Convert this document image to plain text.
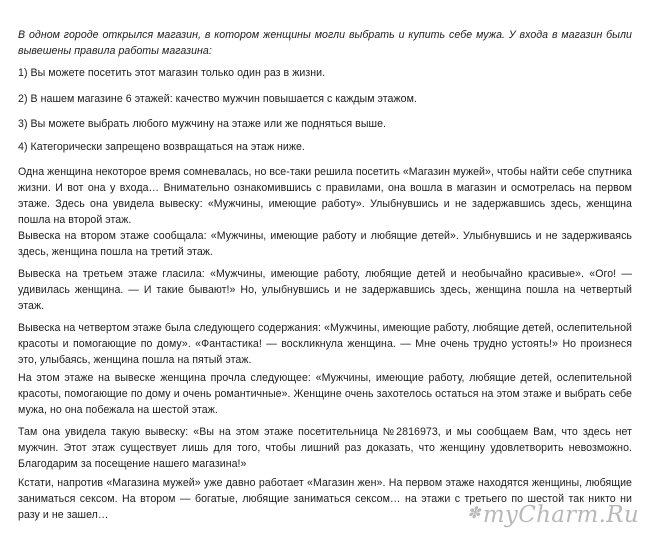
В одном городе открылся магазин, в котором женщины могли выбрать и купить себе мужа. У входа в магазин были вывешены правила работы магазина:

1) Вы можете посетить этот магазин только один раз в жизни.

2) В нашем магазине 6 этажей: качество мужчин повышается с каждым этажом.

3) Вы можете выбрать любого мужчину на этаже или же подняться выше.

4) Категорически запрещено возвращаться на этаж ниже.

Одна женщина некоторое время сомневалась, но все-таки решила посетить «Магазин мужей», чтобы найти себе спутника жизни. И вот она у входа… Внимательно ознакомившись с правилами, она вошла в магазин и осмотрелась на первом этаже. Здесь она увидела вывеску: «Мужчины, имеющие работу». Улыбнувшись и не задержавшись здесь, женщина пошла на второй этаж.

Вывеска на втором этаже сообщала: «Мужчины, имеющие работу и любящие детей». Улыбнувшись и не задерживаясь здесь, женщина пошла на третий этаж.

Вывеска на третьем этаже гласила: «Мужчины, имеющие работу, любящие детей и необычайно красивые». «Ого! — удивилась женщина. — И такие бывают!» Но, улыбнувшись и не задержавшись здесь, женщина пошла на четвертый этаж.

Вывеска на четвертом этаже была следующего содержания: «Мужчины, имеющие работу, любящие детей, ослепительной красоты и помогающие по дому». «Фантастика! — воскликнула женщина. — Мне очень трудно устоять!» Но произнеся это, улыбаясь, женщина пошла на пятый этаж.

На этом этаже на вывеске женщина прочла следующее: «Мужчины, имеющие работу, любящие детей, ослепительной красоты, помогающие по дому и очень романтичные». Женщине очень захотелось остаться на этом этаже и выбрать себе мужа, но она побежала на шестой этаж.

Там она увидела такую вывеску: «Вы на этом этаже посетительница №2816973, и мы сообщаем Вам, что здесь нет мужчин. Этот этаж существует лишь для того, чтобы лишний раз доказать, что женщину удовлетворить невозможно. Благодарим за посещение нашего магазина!»

Кстати, напротив «Магазина мужей» уже давно работает «Магазин жен». На первом этаже находятся женщины, любящие заниматься сексом. На втором — богатые, любящие заниматься сексом… на этажи с третьего по шестой так никто ни разу и не зашел…	✽myCharm.Ru
